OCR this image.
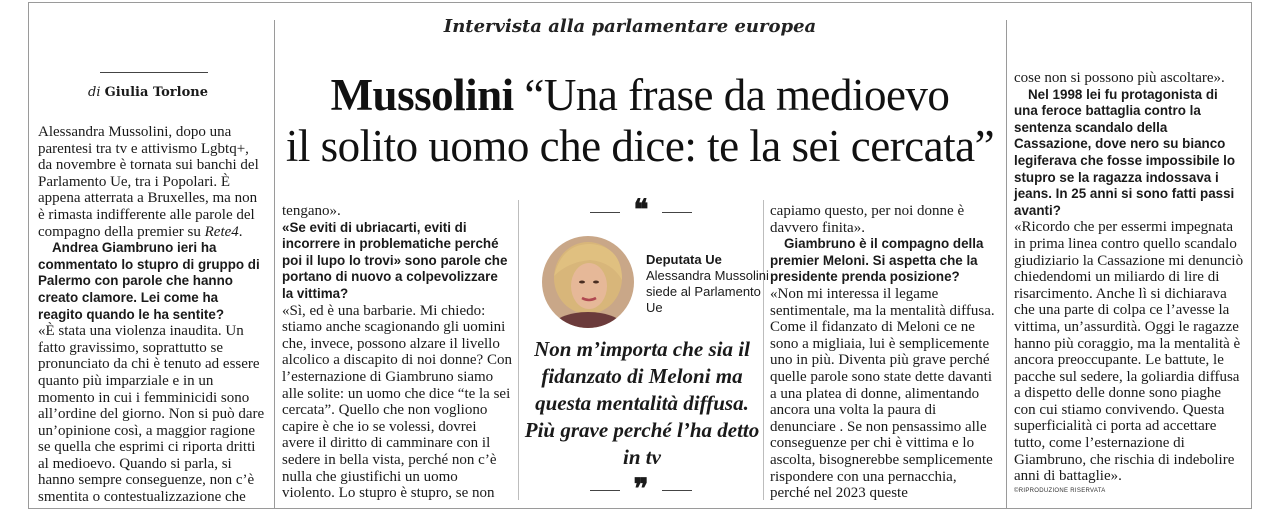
Intervista alla parlamentare europea
Mussolini “Una frase da medioevo
il solito uomo che dice: te la sei cercata”
di Giulia Torlone

Alessandra Mussolini, dopo una parentesi tra tv e attivismo Lgbtq+, da novembre è tornata sui banchi del Parlamento Ue, tra i Popolari. È appena atterrata a Bruxelles, ma non è rimasta indifferente alle parole del compagno della premier su Rete4.

Andrea Giambruno ieri ha commentato lo stupro di gruppo di Palermo con parole che hanno creato clamore. Lei come ha reagito quando le ha sentite?

«È stata una violenza inaudita. Un fatto gravissimo, soprattutto se pronunciato da chi è tenuto ad essere quanto più imparziale e in un momento in cui i femminicidi sono all’ordine del giorno. Non si può dare un’opinione così, a maggior ragione se quella che esprimi ci riporta dritti al medioevo. Quando si parla, si hanno sempre conseguenze, non c’è smentita o contestualizzazione che

tengano».

«Se eviti di ubriacarti, eviti di incorrere in problematiche perché poi il lupo lo trovi» sono parole che portano di nuovo a colpevolizzare la vittima?

«Sì, ed è una barbarie. Mi chiedo: stiamo anche scagionando gli uomini che, invece, possono alzare il livello alcolico a discapito di noi donne? Con l’esternazione di Giambruno siamo alle solite: un uomo che dice “te la sei cercata”. Quello che non vogliono capire è che io se volessi, dovrei avere il diritto di camminare con il sedere in bella vista, perché non c’è nulla che giustifichi un uomo violento. Lo stupro è stupro, se non

❝
Deputata Ue
Alessandra Mussolini siede al Parlamento Ue
Non m’importa che sia il fidanzato di Meloni ma questa mentalità diffusa. Più grave perché l’ha detto in tv
❞

capiamo questo, per noi donne è davvero finita».

Giambruno è il compagno della premier Meloni. Si aspetta che la presidente prenda posizione?

«Non mi interessa il legame sentimentale, ma la mentalità diffusa. Come il fidanzato di Meloni ce ne sono a migliaia, lui è semplicemente uno in più. Diventa più grave perché quelle parole sono state dette davanti a una platea di donne, alimentando ancora una volta la paura di denunciare . Se non pensassimo alle conseguenze per chi è vittima e lo ascolta, bisognerebbe semplicemente rispondere con una pernacchia, perché nel 2023 queste

cose non si possono più ascoltare».

Nel 1998 lei fu protagonista di una feroce battaglia contro la sentenza scandalo della Cassazione, dove nero su bianco legiferava che fosse impossibile lo stupro se la ragazza indossava i jeans. In 25 anni si sono fatti passi avanti?

«Ricordo che per essermi impegnata in prima linea contro quello scandalo giudiziario la Cassazione mi denunciò chiedendomi un miliardo di lire di risarcimento. Anche lì si dichiarava che una parte di colpa ce l’avesse la vittima, un’assurdità. Oggi le ragazze hanno più coraggio, ma la mentalità è ancora preoccupante. Le battute, le pacche sul sedere, la goliardia diffusa a dispetto delle donne sono piaghe con cui stiamo convivendo. Questa superficialità ci porta ad accettare tutto, come l’esternazione di Giambruno, che rischia di indebolire anni di battaglie».

©RIPRODUZIONE RISERVATA
